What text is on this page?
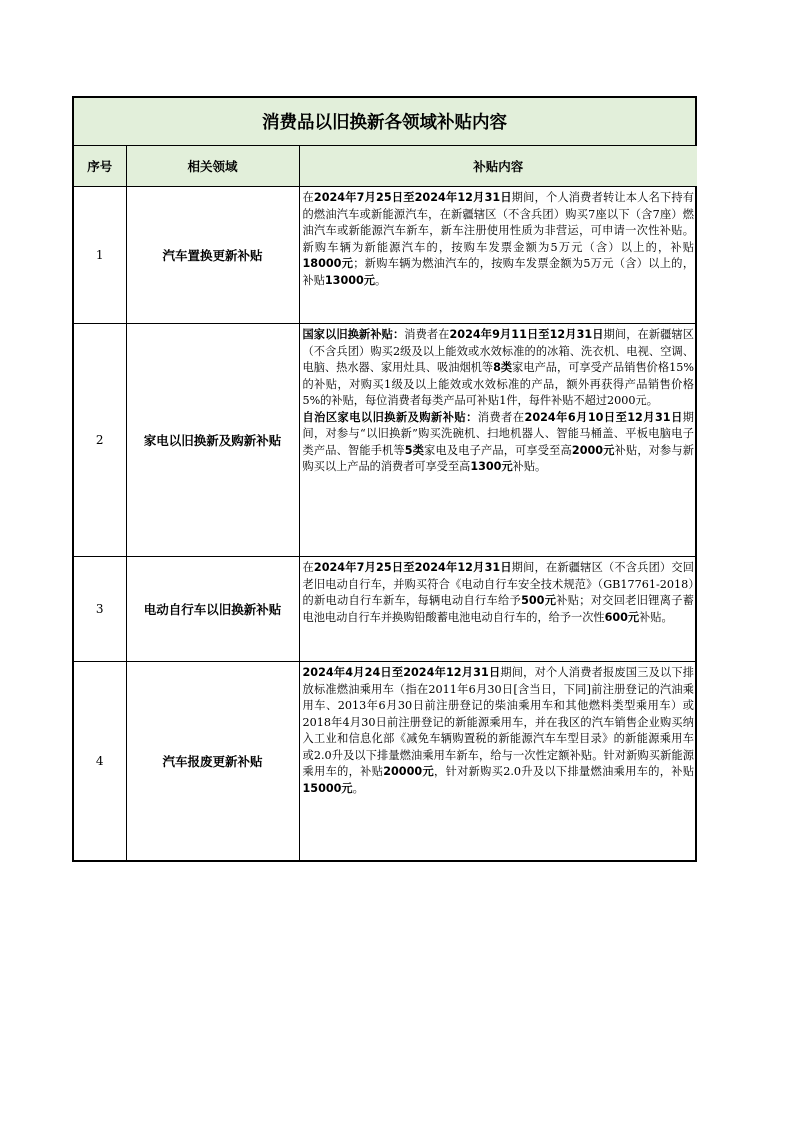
消费品以旧换新各领域补贴内容
序号	相关领域	补贴内容
1	汽车置换更新补贴	在2024年7月25日至2024年12月31日期间，个人消费者转让本人名下持有的燃油汽车或新能源汽车，在新疆辖区（不含兵团）购买7座以下（含7座）燃油汽车或新能源汽车新车，新车注册使用性质为非营运，可申请一次性补贴。新购车辆为新能源汽车的，按购车发票金额为5万元（含）以上的，补贴18000元；新购车辆为燃油汽车的，按购车发票金额为5万元（含）以上的，补贴13000元。

2	家电以旧换新及购新补贴	国家以旧换新补贴：消费者在2024年9月11日至12月31日期间，在新疆辖区（不含兵团）购买2级及以上能效或水效标准的的冰箱、洗衣机、电视、空调、电脑、热水器、家用灶具、吸油烟机等8类家电产品，可享受产品销售价格15%的补贴，对购买1级及以上能效或水效标准的产品，额外再获得产品销售价格5%的补贴，每位消费者每类产品可补贴1件，每件补贴不超过2000元。
自治区家电以旧换新及购新补贴：消费者在2024年6月10日至12月31日期间，对参与“以旧换新”购买洗碗机、扫地机器人、智能马桶盖、平板电脑电子类产品、智能手机等5类家电及电子产品，可享受至高2000元补贴，对参与新购买以上产品的消费者可享受至高1300元补贴。

3	电动自行车以旧换新补贴	在2024年7月25日至2024年12月31日期间，在新疆辖区（不含兵团）交回老旧电动自行车，并购买符合《电动自行车安全技术规范》（GB17761-2018）的新电动自行车新车，每辆电动自行车给予500元补贴；对交回老旧锂离子蓄电池电动自行车并换购铅酸蓄电池电动自行车的，给予一次性600元补贴。

4	汽车报废更新补贴	2024年4月24日至2024年12月31日期间，对个人消费者报废国三及以下排放标准燃油乘用车（指在2011年6月30日[含当日，下同]前注册登记的汽油乘用车、2013年6月30日前注册登记的柴油乘用车和其他燃料类型乘用车）或2018年4月30日前注册登记的新能源乘用车，并在我区的汽车销售企业购买纳入工业和信息化部《减免车辆购置税的新能源汽车车型目录》的新能源乘用车或2.0升及以下排量燃油乘用车新车，给与一次性定额补贴。针对新购买新能源乘用车的，补贴20000元，针对新购买2.0升及以下排量燃油乘用车的，补贴15000元。
